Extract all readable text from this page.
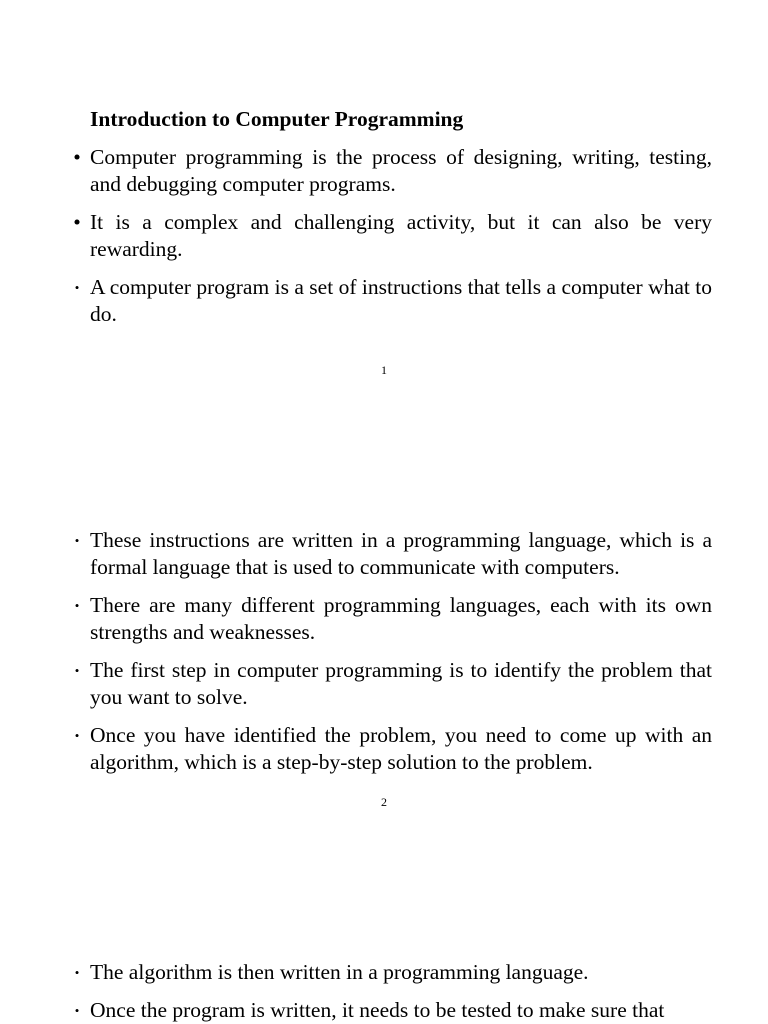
Introduction to Computer Programming
• Computer programming is the process of designing, writing, testing, and debugging computer programs.
• It is a complex and challenging activity, but it can also be very rewarding.
• A computer program is a set of instructions that tells a computer what to do.
1
• These instructions are written in a programming language, which is a formal language that is used to communicate with computers.
• There are many different programming languages, each with its own strengths and weaknesses.
• The first step in computer programming is to identify the problem that you want to solve.
• Once you have identified the problem, you need to come up with an algorithm, which is a step-by-step solution to the problem.
2
• The algorithm is then written in a programming language.
• Once the program is written, it needs to be tested to make sure that
